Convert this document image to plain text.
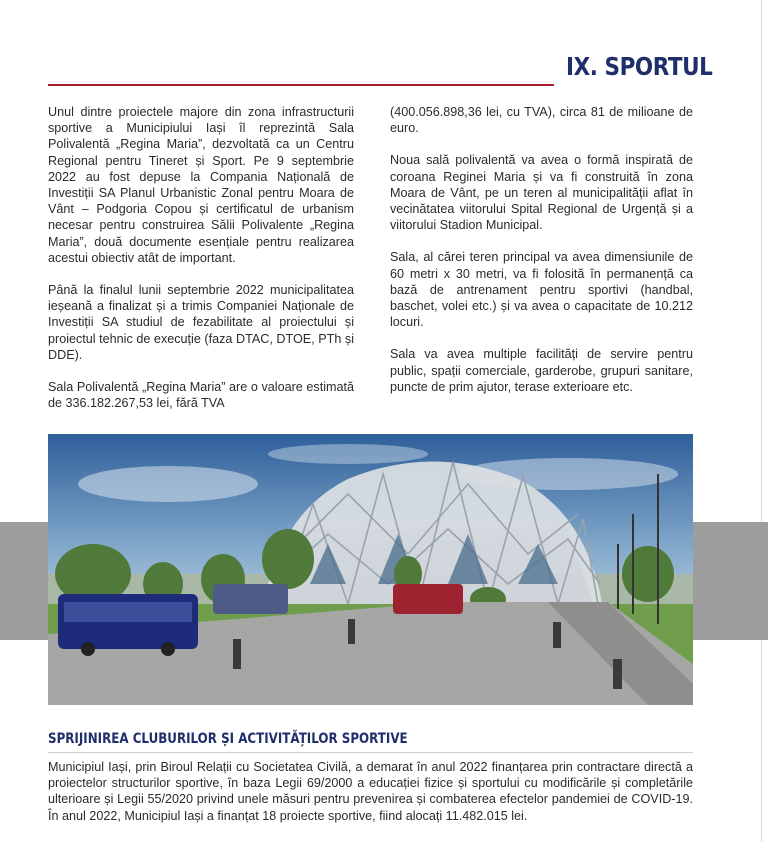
IX. SPORTUL

Unul dintre proiectele majore din zona infrastructurii sportive a Municipiului Iași îl reprezintă Sala Polivalentă „Regina Maria”, dezvoltată ca un Centru Regional pentru Tineret și Sport. Pe 9 septembrie 2022 au fost depuse la Compania Națională de Investiții SA Planul Urbanistic Zonal pentru Moara de Vânt – Podgoria Copou și certificatul de urbanism necesar pentru construirea Sălii Polivalente „Regina Maria”, două documente esențiale pentru realizarea acestui obiectiv atât de important.

Până la finalul lunii septembrie 2022 municipalitatea ieșeană a finalizat și a trimis Companiei Naționale de Investiții SA studiul de fezabilitate al proiectului și proiectul tehnic de execuție (faza DTAC, DTOE, PTh și DDE).

Sala Polivalentă „Regina Maria” are o valoare estimată de 336.182.267,53 lei, fără TVA

(400.056.898,36 lei, cu TVA), circa 81 de milioane de euro.

Noua sală polivalentă va avea o formă inspirată de coroana Reginei Maria și va fi construită în zona Moara de Vânt, pe un teren al municipalității aflat în vecinătatea viitorului Spital Regional de Urgență și a viitorului Stadion Municipal.

Sala, al cărei teren principal va avea dimensiunile de 60 metri x 30 metri, va fi folosită în permanență ca bază de antrenament pentru sportivi (handbal, baschet, volei etc.) și va avea o capacitate de 10.212 locuri.

Sala va avea multiple facilități de servire pentru public, spații comerciale, garderobe, grupuri sanitare, puncte de prim ajutor, terase exterioare etc.

SPRIJINIREA CLUBURILOR ȘI ACTIVITĂȚILOR SPORTIVE

Municipiul Iași, prin Biroul Relații cu Societatea Civilă, a demarat în anul 2022 finanțarea prin contractare directă a proiectelor structurilor sportive, în baza Legii 69/2000 a educației fizice și sportului cu modificările și completările ulterioare și Legii 55/2020 privind unele măsuri pentru prevenirea și combaterea efectelor pandemiei de COVID-19. În anul 2022, Municipiul Iași a finanțat 18 proiecte sportive, fiind alocați 11.482.015 lei.
